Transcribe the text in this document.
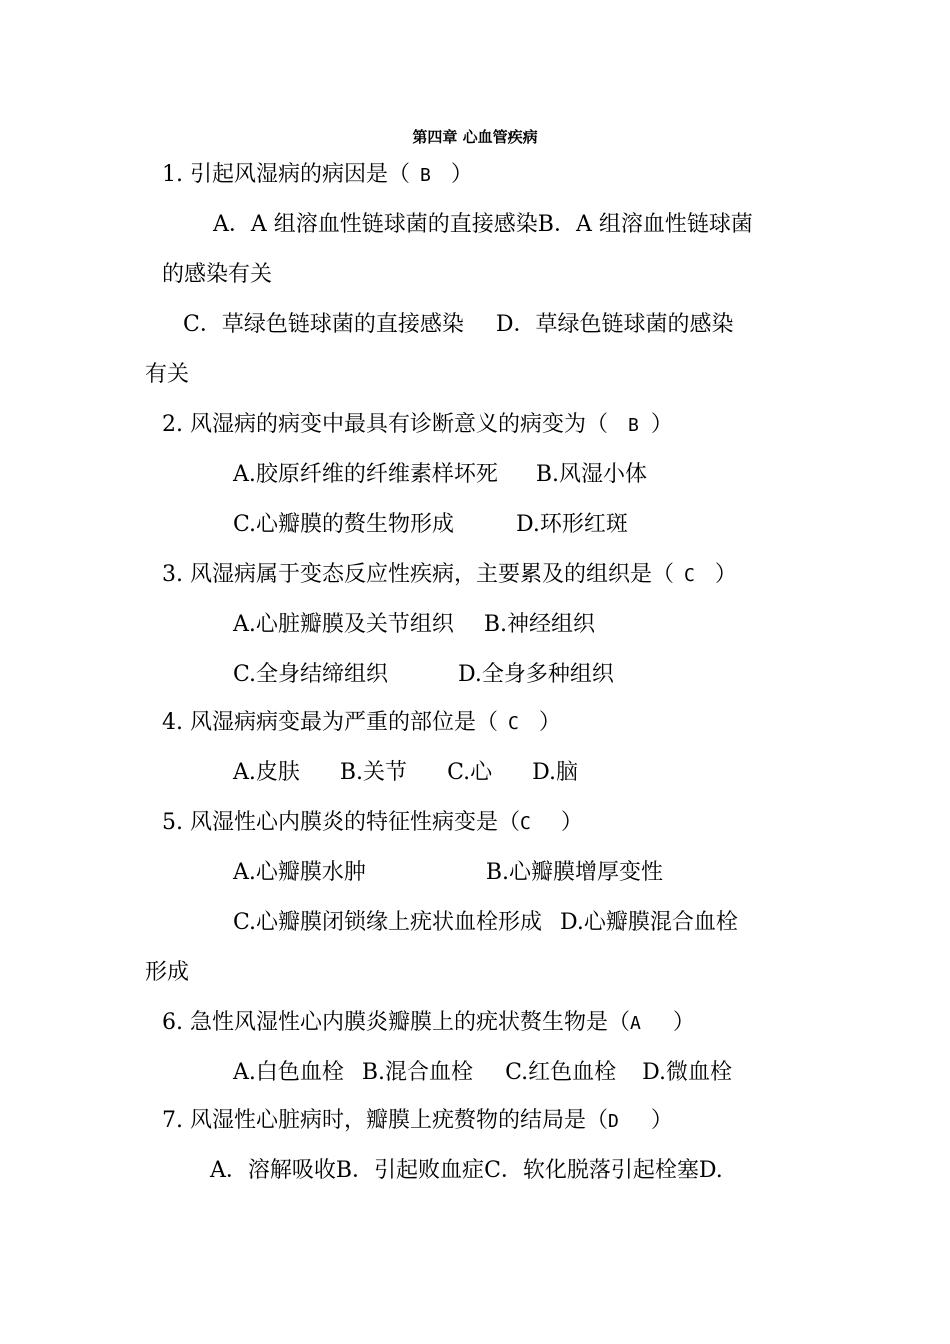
第四章 心血管疾病
1. 引起风湿病的病因是（ B ）
A．A 组溶血性链球菌的直接感染B．A 组溶血性链球菌
的感染有关
C．草绿色链球菌的直接感染 D．草绿色链球菌的感染
有关
2. 风湿病的病变中最具有诊断意义的病变为（ B ）
A.胶原纤维的纤维素样坏死 B.风湿小体
C.心瓣膜的赘生物形成	D.环形红斑
3. 风湿病属于变态反应性疾病，主要累及的组织是（ C ）
A.心脏瓣膜及关节组织 B.神经组织
C.全身结缔组织	D.全身多种组织
4. 风湿病病变最为严重的部位是（ C ）
A.皮肤 B.关节 C.心 D.脑
5. 风湿性心内膜炎的特征性病变是（C ）
A.心瓣膜水肿	B.心瓣膜增厚变性
C.心瓣膜闭锁缘上疣状血栓形成 D.心瓣膜混合血栓
形成
6. 急性风湿性心内膜炎瓣膜上的疣状赘生物是（A ）
A.白色血栓 B.混合血栓 C.红色血栓 D.微血栓
7. 风湿性心脏病时，瓣膜上疣赘物的结局是（D ）
A．溶解吸收B．引起败血症C．软化脱落引起栓塞D.
